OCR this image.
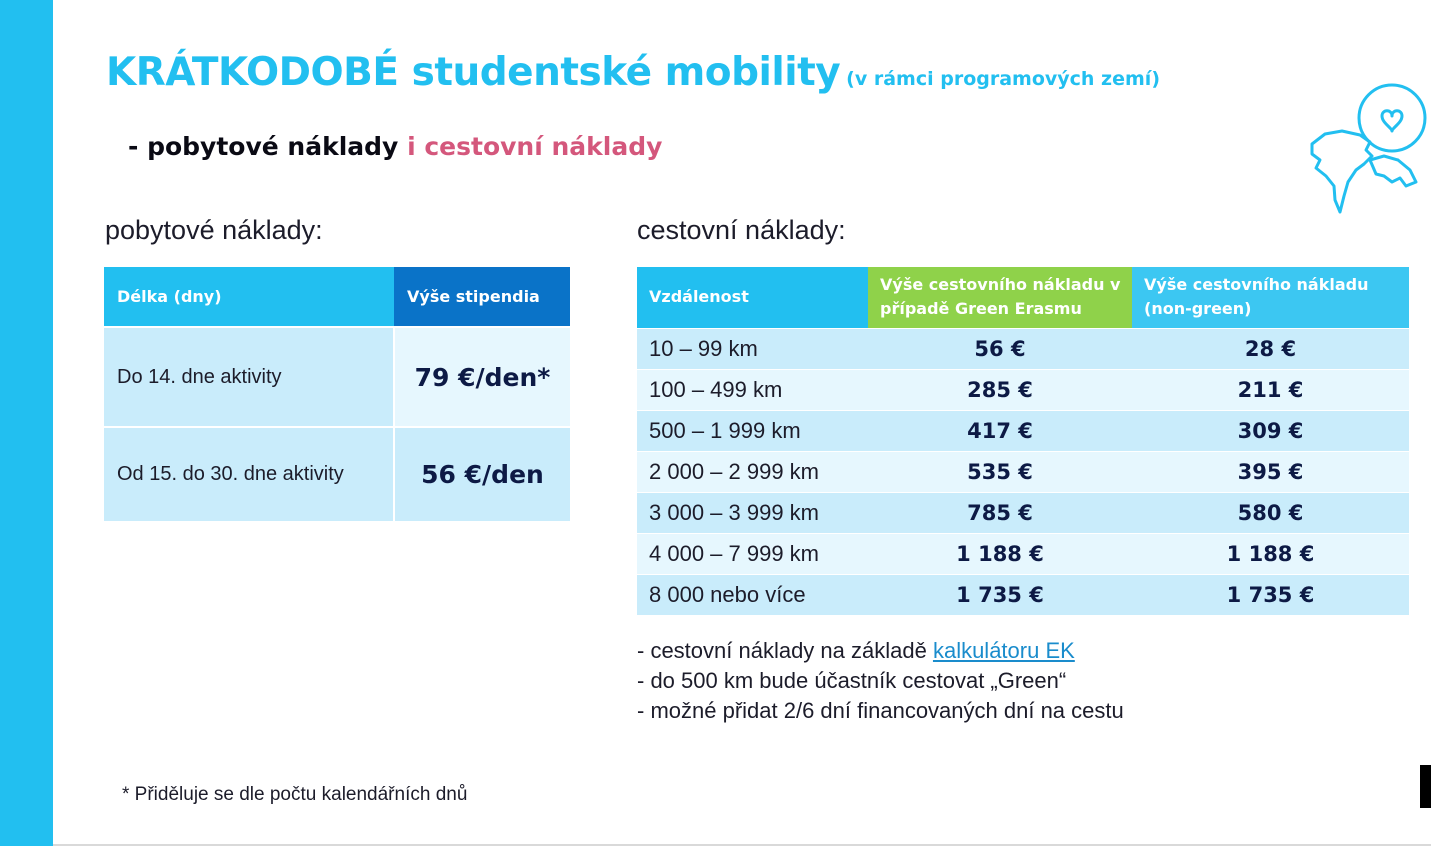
KRÁTKODOBÉ studentské mobility (v rámci programových zemí)
- pobytové náklady i cestovní náklady
pobytové náklady:	cestovní náklady:
Délka (dny)	Výše stipendia
Do 14. dne aktivity	79 €/den*
Od 15. do 30. dne aktivity	56 €/den
Vzdálenost	Výše cestovního nákladu v případě Green Erasmu	Výše cestovního nákladu (non-green)
10 – 99 km	56 €	28 €
100 – 499 km	285 €	211 €
500 – 1 999 km	417 €	309 €
2 000 – 2 999 km	535 €	395 €
3 000 – 3 999 km	785 €	580 €
4 000 – 7 999 km	1 188 €	1 188 €
8 000 nebo více	1 735 €	1 735 €
- cestovní náklady na základě kalkulátoru EK
- do 500 km bude účastník cestovat „Green“
- možné přidat 2/6 dní financovaných dní na cestu
* Přiděluje se dle počtu kalendářních dnů
